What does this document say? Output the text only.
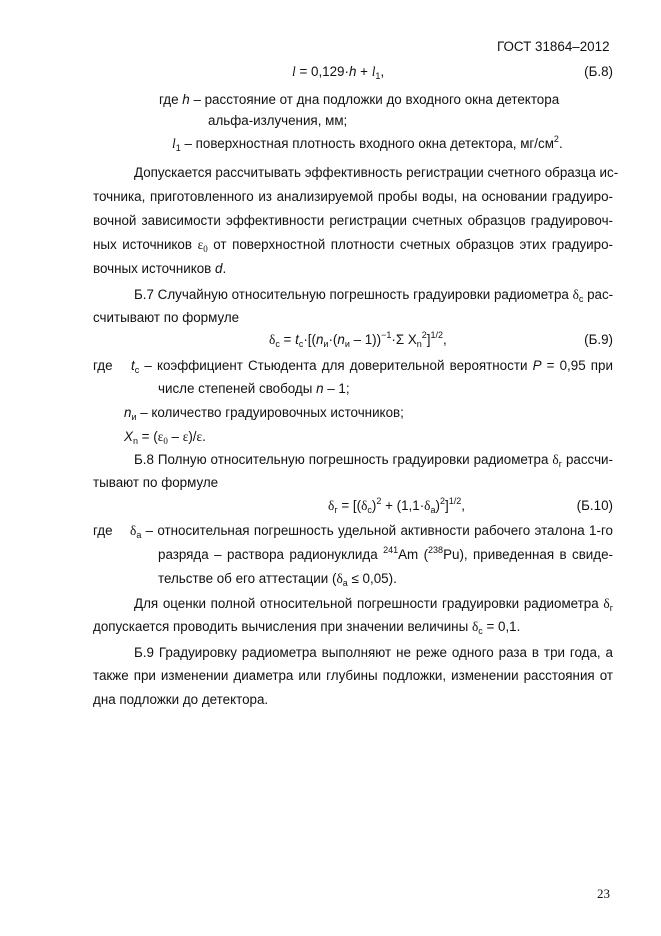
ГОСТ 31864–2012
$l = 0,129\cdot h + l_1$,	(Б.8)
где h – расстояние от дна подложки до входного окна детектора
альфа-излучения, мм;
$l_1$ – поверхностная плотность входного окна детектора, $мг/см^2$.
Допускается рассчитывать эффективность регистрации счетного образца ис-
точника, приготовленного из анализируемой пробы воды, на основании градуиро-
вочной зависимости эффективности регистрации счетных образцов градуировоч-
ных источников $\varepsilon_0$ от поверхностной плотности счетных образцов этих градуиро-
вочных источников d.
Б.7 Случайную относительную погрешность градуировки радиометра $\delta_с$ рас-
считывают по формуле
$\delta_с = t_с\cdot[(n_и\cdot(n_и - 1))^{-1}\cdot\Sigma$ $X_n^2]^{1/2}$,	(Б.9)
где $t_с$ – коэффициент Стьюдента для доверительной вероятности P = 0,95 при
числе степеней свободы n – 1;
$n_и$ – количество градуировочных источников;
$X_n = (\varepsilon_0 - \varepsilon)/\varepsilon$.
Б.8 Полную относительную погрешность градуировки радиометра $\delta_г$ рассчи-
тывают по формуле
$\delta_г = [(\delta_с)^2 + (1,1\cdot\delta_а)^2]^{1/2}$,	(Б.10)
где $\delta_а$ – относительная погрешность удельной активности рабочего эталона 1-го
разряда – раствора радионуклида $^{241}$Am ($^{238}$Pu), приведенная в свиде-
тельстве об его аттестации $(\delta_а \le 0,05)$.
Для оценки полной относительной погрешности градуировки радиометра $\delta_г$
допускается проводить вычисления при значении величины $\delta_с = 0,1$.
Б.9 Градуировку радиометра выполняют не реже одного раза в три года, а
также при изменении диаметра или глубины подложки, изменении расстояния от
дна подложки до детектора.
23
